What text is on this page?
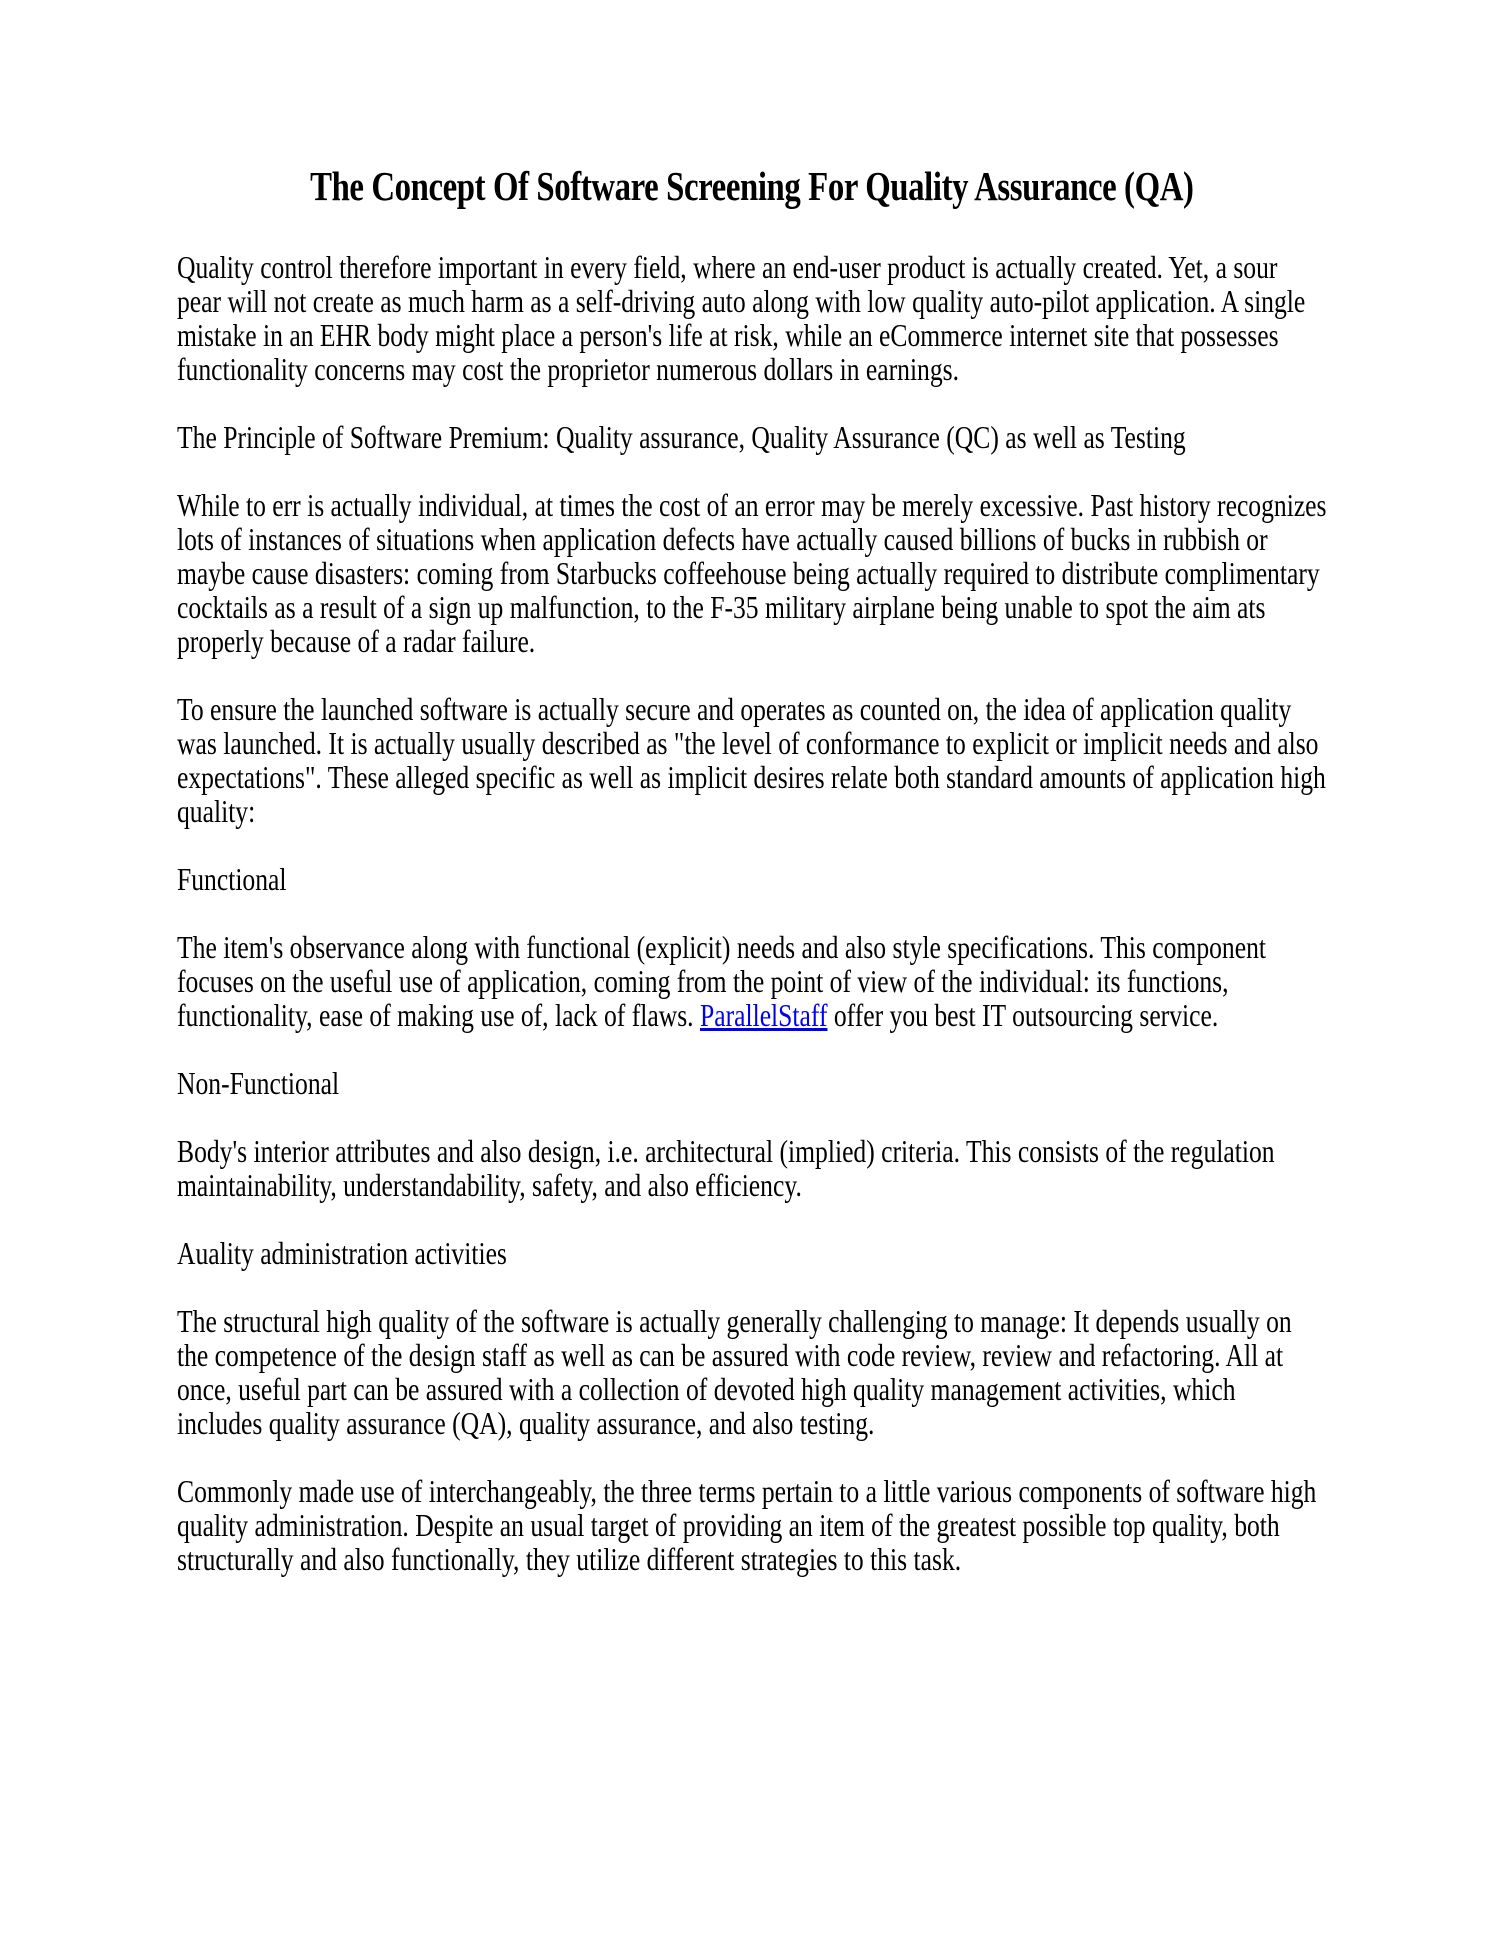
The Concept Of Software Screening For Quality Assurance (QA)

Quality control therefore important in every field, where an end-user product is actually created. Yet, a sour pear will not create as much harm as a self-driving auto along with low quality auto-pilot application. A single mistake in an EHR body might place a person's life at risk, while an eCommerce internet site that possesses functionality concerns may cost the proprietor numerous dollars in earnings.

The Principle of Software Premium: Quality assurance, Quality Assurance (QC) as well as Testing

While to err is actually individual, at times the cost of an error may be merely excessive. Past history recognizes lots of instances of situations when application defects have actually caused billions of bucks in rubbish or maybe cause disasters: coming from Starbucks coffeehouse being actually required to distribute complimentary cocktails as a result of a sign up malfunction, to the F-35 military airplane being unable to spot the aim ats properly because of a radar failure.

To ensure the launched software is actually secure and operates as counted on, the idea of application quality was launched. It is actually usually described as "the level of conformance to explicit or implicit needs and also expectations". These alleged specific as well as implicit desires relate both standard amounts of application high quality:

Functional

The item's observance along with functional (explicit) needs and also style specifications. This component focuses on the useful use of application, coming from the point of view of the individual: its functions, functionality, ease of making use of, lack of flaws. ParallelStaff offer you best IT outsourcing service.

Non-Functional

Body's interior attributes and also design, i.e. architectural (implied) criteria. This consists of the regulation maintainability, understandability, safety, and also efficiency.

Auality administration activities

The structural high quality of the software is actually generally challenging to manage: It depends usually on the competence of the design staff as well as can be assured with code review, review and refactoring. All at once, useful part can be assured with a collection of devoted high quality management activities, which includes quality assurance (QA), quality assurance, and also testing.

Commonly made use of interchangeably, the three terms pertain to a little various components of software high quality administration. Despite an usual target of providing an item of the greatest possible top quality, both structurally and also functionally, they utilize different strategies to this task.
